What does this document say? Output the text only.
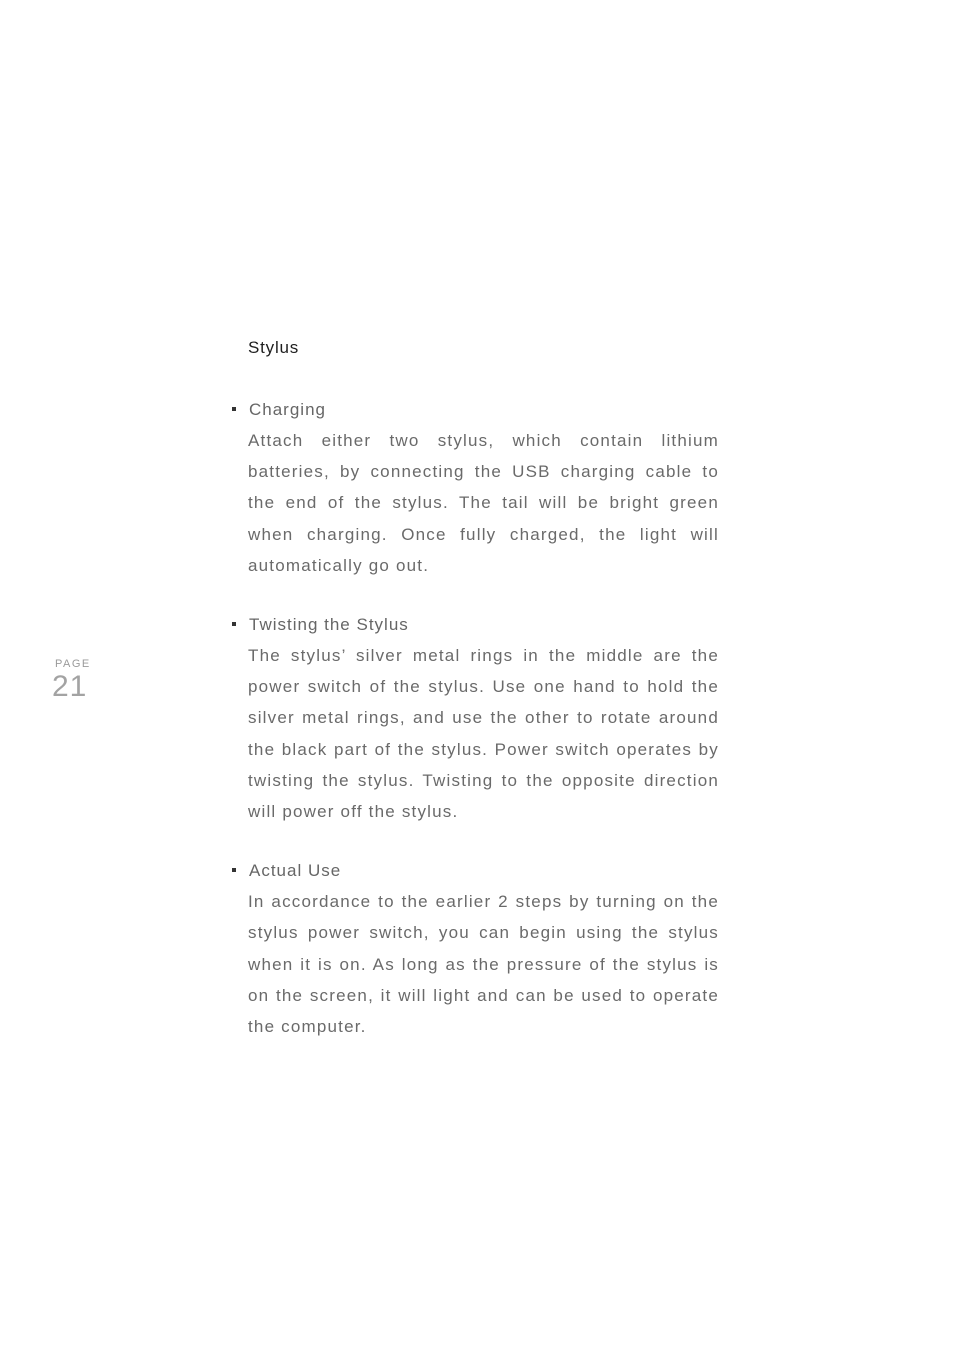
PAGE
21
Stylus
Charging
Attach either two stylus, which contain lithium batteries, by connecting the USB charging cable to the end of the stylus. The tail will be bright green when charging. Once fully charged, the light will automatically go out.
Twisting the Stylus
The stylus’ silver metal rings in the middle are the power switch of the stylus. Use one hand to hold the silver metal rings, and use the other to rotate around the black part of the stylus. Power switch operates by twisting the stylus. Twisting to the opposite direction will power off the stylus.
Actual Use
In accordance to the earlier 2 steps by turning on the stylus power switch, you can begin using the stylus when it is on. As long as the pressure of the stylus is on the screen, it will light and can be used to operate the computer.
